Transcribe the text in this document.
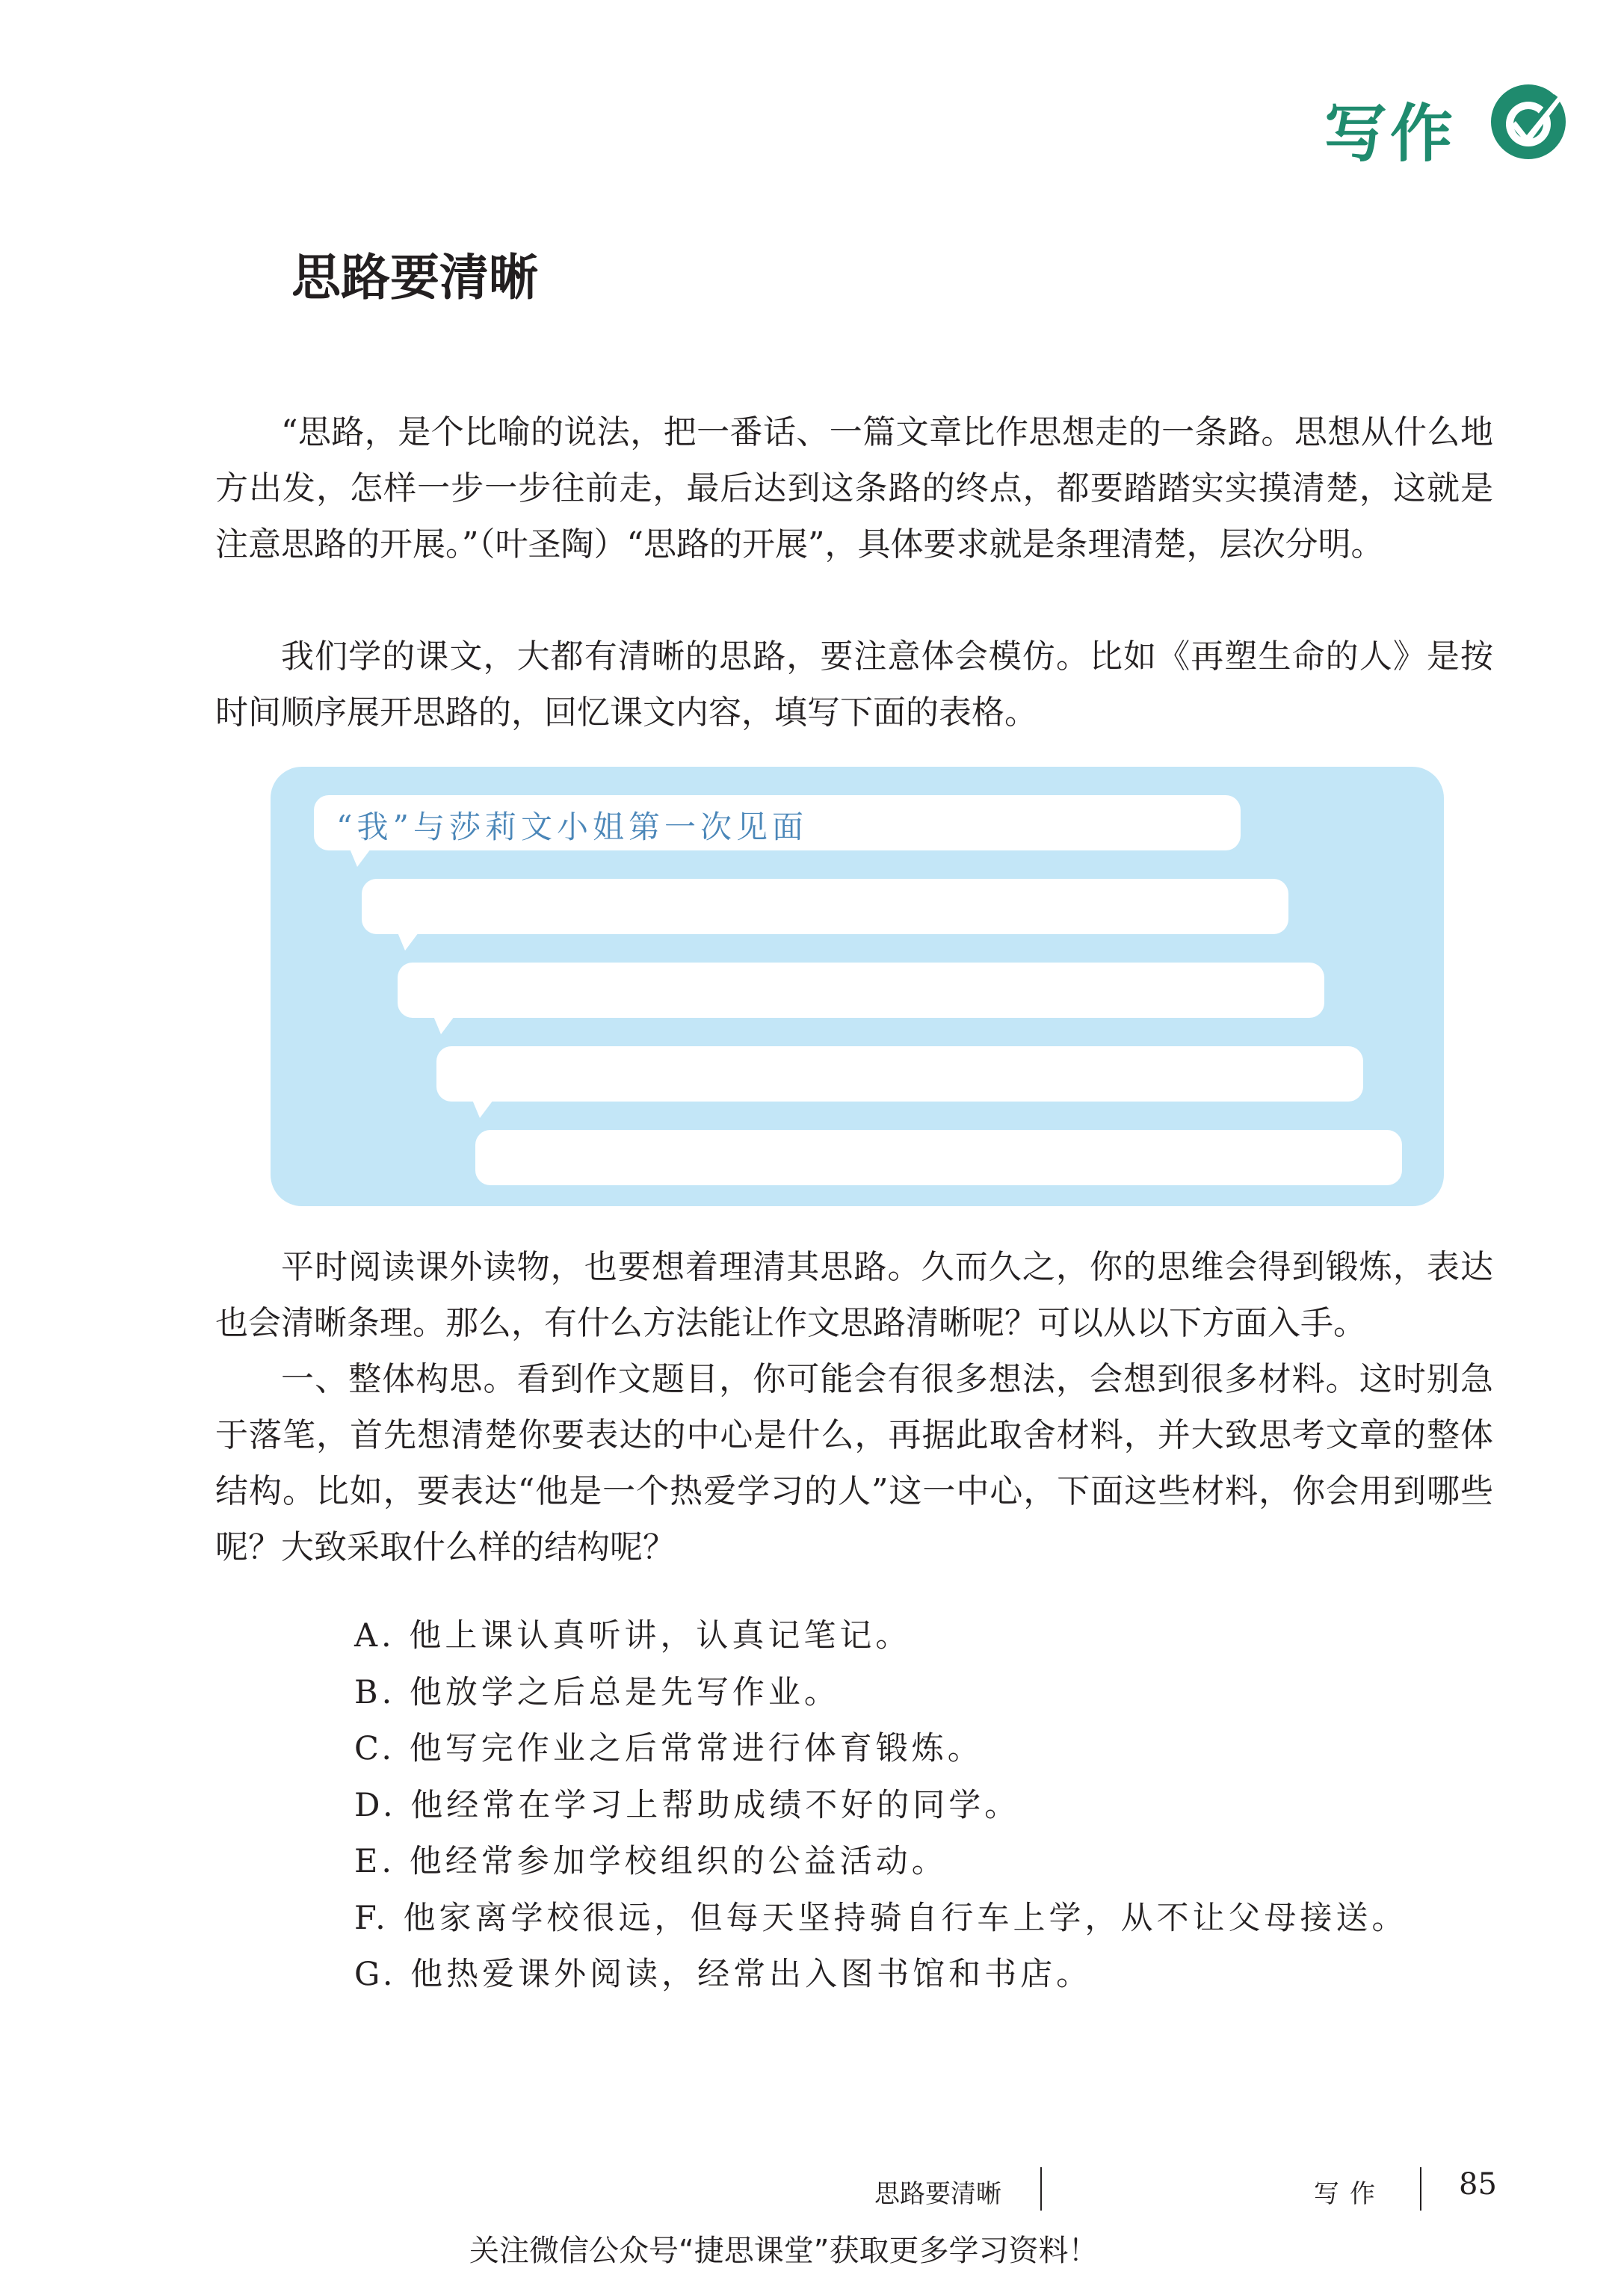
写作
思路要清晰

“思路，是个比喻的说法，把一番话、一篇文章比作思想走的一条路。思想从什么地方出发，怎样一步一步往前走，最后达到这条路的终点，都要踏踏实实摸清楚，这就是注意思路的开展。”（叶圣陶）“思路的开展”，具体要求就是条理清楚，层次分明。

我们学的课文，大都有清晰的思路，要注意体会模仿。比如《再塑生命的人》是按时间顺序展开思路的，回忆课文内容，填写下面的表格。

“我”与莎莉文小姐第一次见面

平时阅读课外读物，也要想着理清其思路。久而久之，你的思维会得到锻炼，表达也会清晰条理。那么，有什么方法能让作文思路清晰呢？可以从以下方面入手。

一、整体构思。看到作文题目，你可能会有很多想法，会想到很多材料。这时别急于落笔，首先想清楚你要表达的中心是什么，再据此取舍材料，并大致思考文章的整体结构。比如，要表达“他是一个热爱学习的人”这一中心，下面这些材料，你会用到哪些呢？大致采取什么样的结构呢？

A. 他上课认真听讲，认真记笔记。
B. 他放学之后总是先写作业。
C. 他写完作业之后常常进行体育锻炼。
D. 他经常在学习上帮助成绩不好的同学。
E. 他经常参加学校组织的公益活动。
F. 他家离学校很远，但每天坚持骑自行车上学，从不让父母接送。
G. 他热爱课外阅读，经常出入图书馆和书店。
思路要清晰	写作 85
关注微信公众号“捷思课堂”获取更多学习资料！
